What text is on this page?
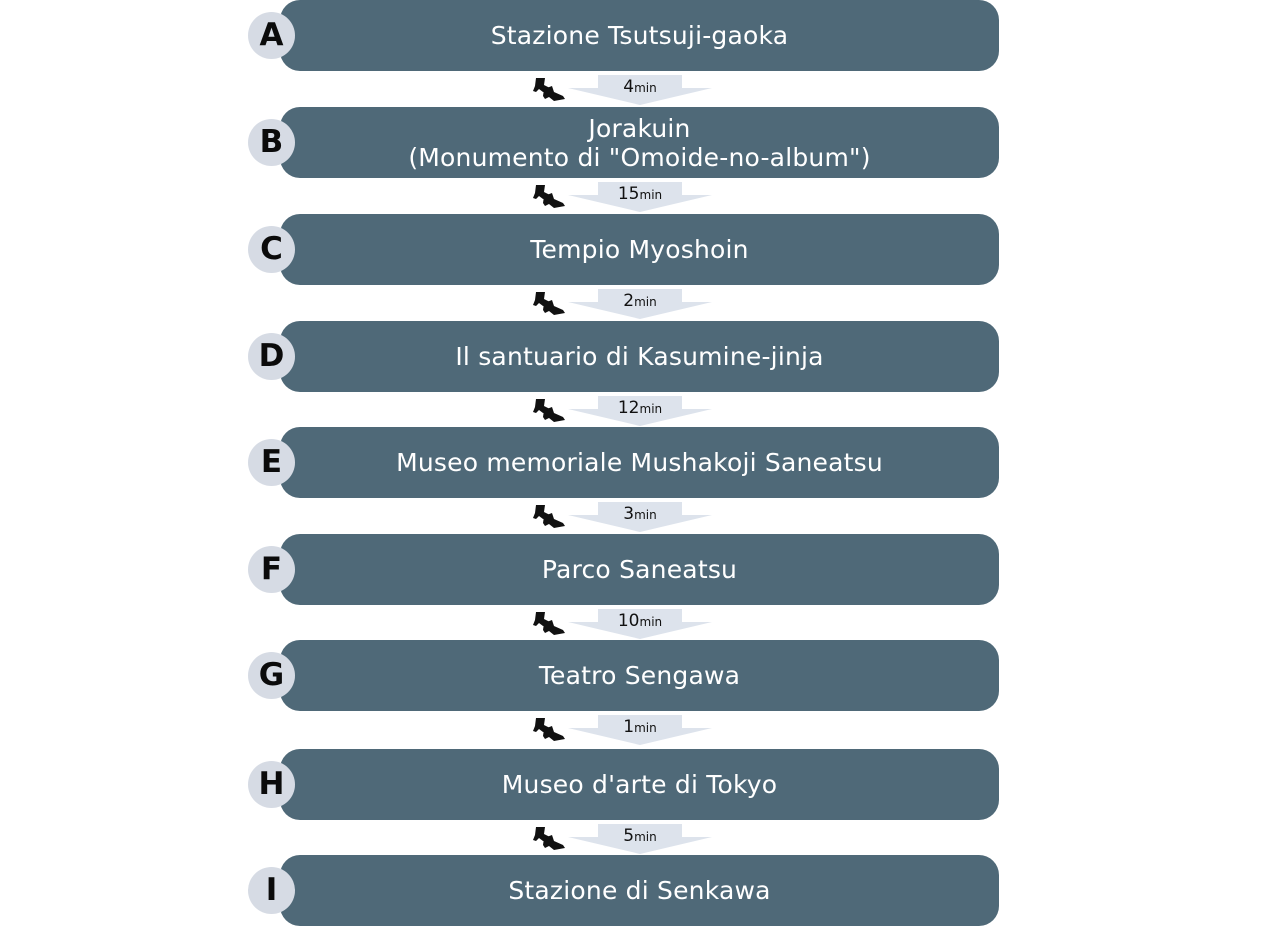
Stazione Tsutsuji-gaoka
A
Jorakuin
(Monumento di "Omoide-no-album")
B
Tempio Myoshoin
C
Il santuario di Kasumine-jinja
D
Museo memoriale Mushakoji Saneatsu
E
Parco Saneatsu
F
Teatro Sengawa
G
Museo d'arte di Tokyo
H
Stazione di Senkawa
I
4min
15min
2min
12min
3min
10min
1min
5min
